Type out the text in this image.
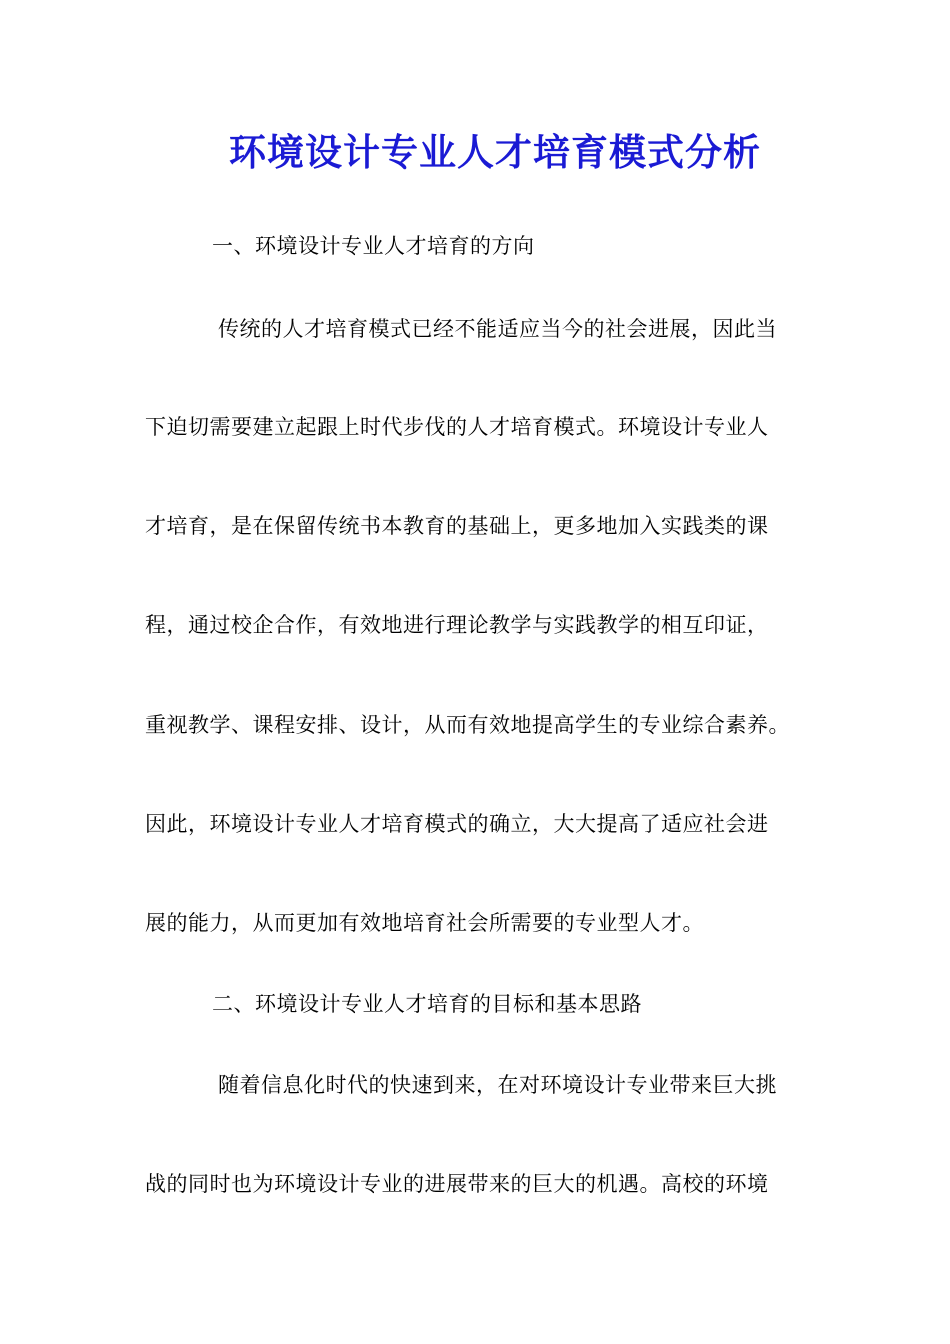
环境设计专业人才培育模式分析
一、环境设计专业人才培育的方向
传统的人才培育模式已经不能适应当今的社会进展，因此当
下迫切需要建立起跟上时代步伐的人才培育模式。环境设计专业人
才培育，是在保留传统书本教育的基础上，更多地加入实践类的课
程，通过校企合作，有效地进行理论教学与实践教学的相互印证，
重视教学、课程安排、设计，从而有效地提高学生的专业综合素养。
因此，环境设计专业人才培育模式的确立，大大提高了适应社会进
展的能力，从而更加有效地培育社会所需要的专业型人才。
二、环境设计专业人才培育的目标和基本思路
随着信息化时代的快速到来，在对环境设计专业带来巨大挑
战的同时也为环境设计专业的进展带来的巨大的机遇。高校的环境
